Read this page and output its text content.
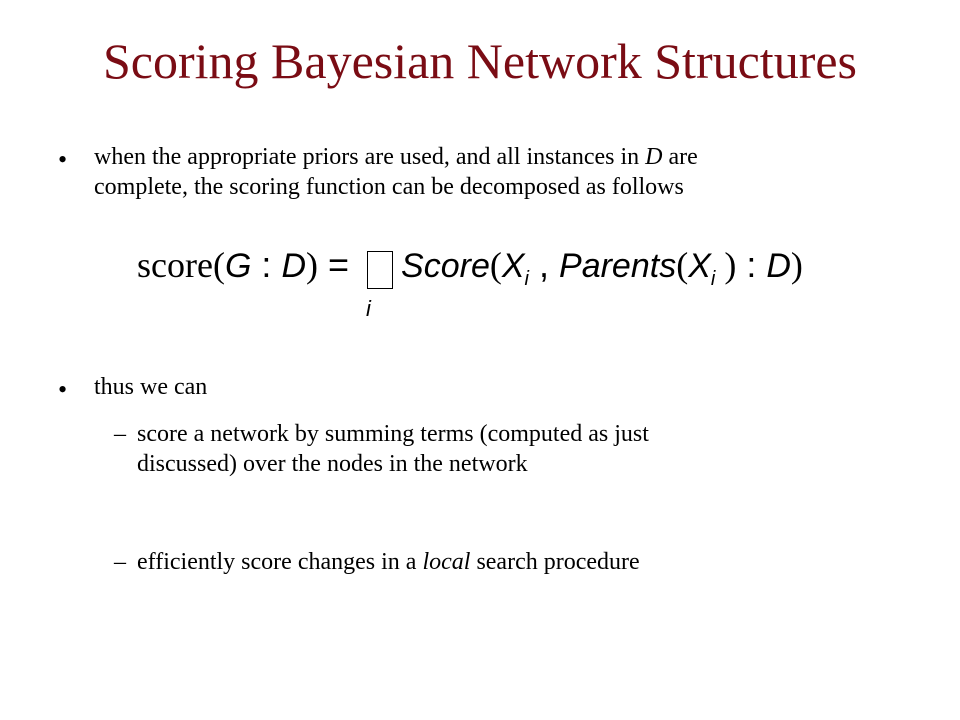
Scoring Bayesian Network Structures
• when the appropriate priors are used, and all instances in D are
complete, the scoring function can be decomposed as follows
score(G : D) = Score(Xi , Parents(Xi ) : D)
i
• thus we can
– score a network by summing terms (computed as just
discussed) over the nodes in the network
– efficiently score changes in a local search procedure
